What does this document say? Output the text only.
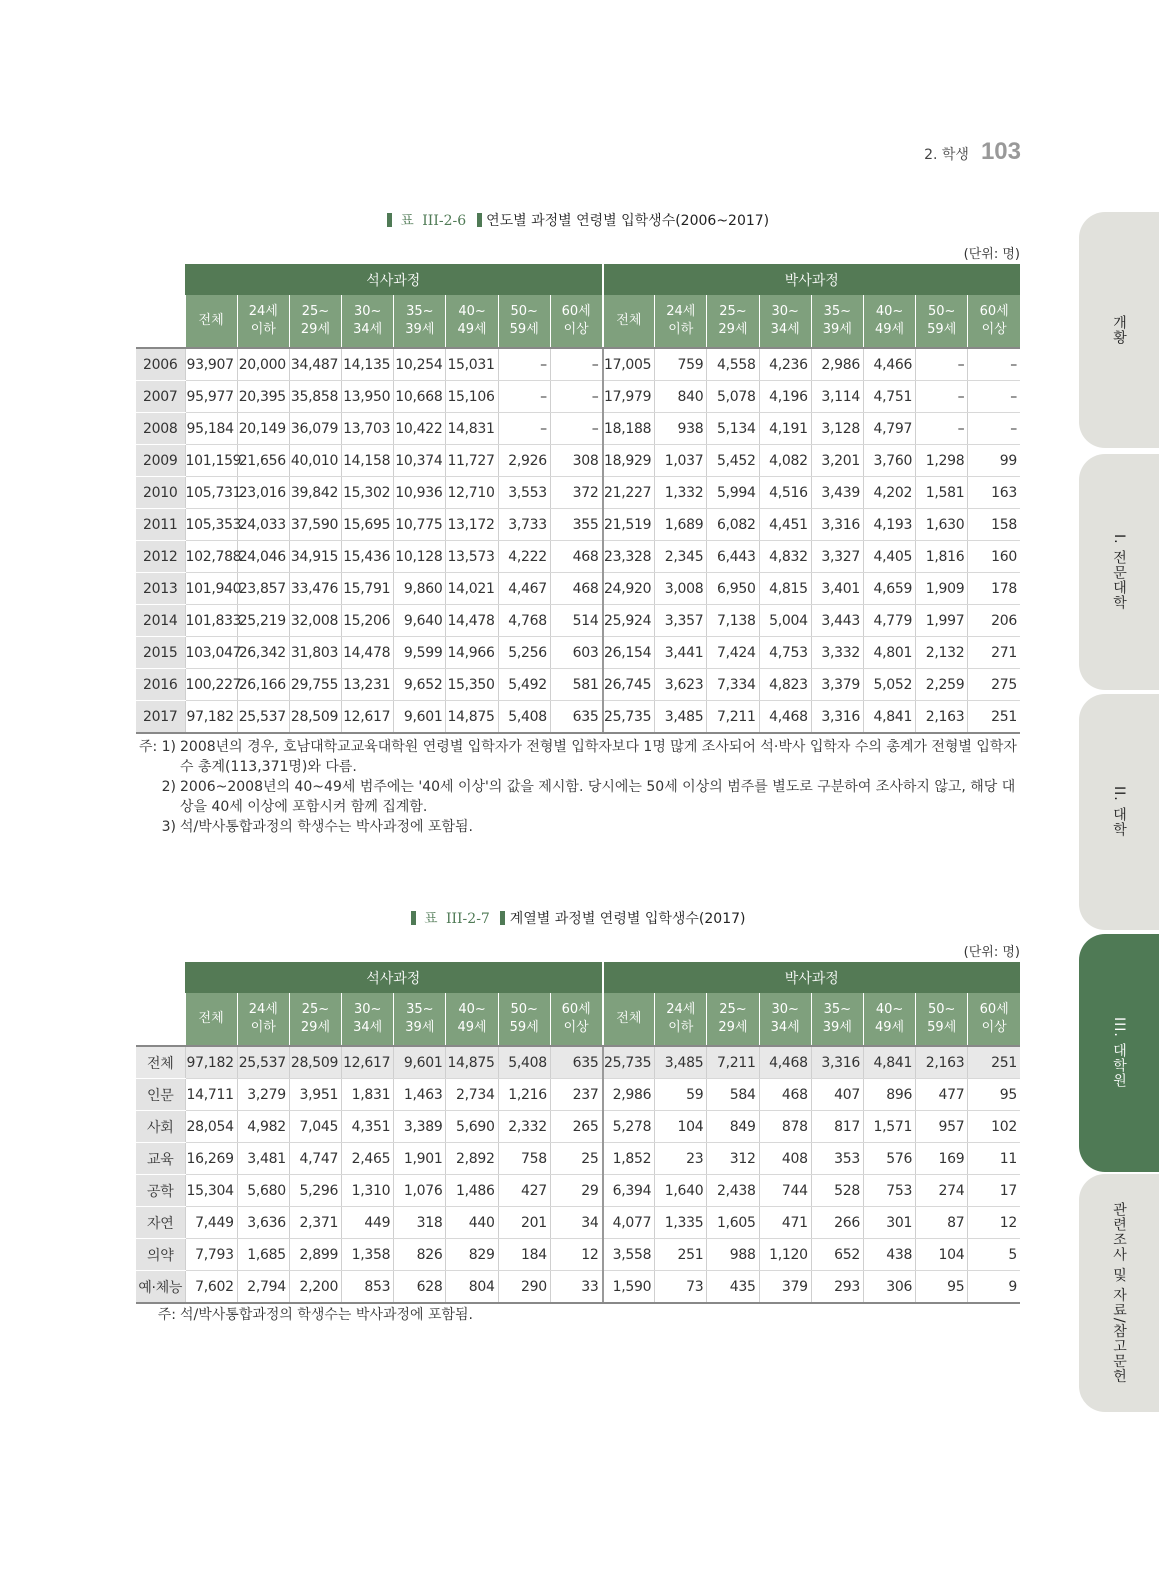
2. 학생 103
표 III-2-6 연도별 과정별 연령별 입학생수(2006~2017)
(단위: 명)
	석사과정								박사과정							
	전체	24세
이하	25~
29세	30~
34세	35~
39세	40~
49세	50~
59세	60세
이상	전체	24세
이하	25~
29세	30~
34세	35~
39세	40~
49세	50~
59세	60세
이상
2006	93,907	20,000	34,487	14,135	10,254	15,031	–	–	17,005	759	4,558	4,236	2,986	4,466	–	–
2007	95,977	20,395	35,858	13,950	10,668	15,106	–	–	17,979	840	5,078	4,196	3,114	4,751	–	–
2008	95,184	20,149	36,079	13,703	10,422	14,831	–	–	18,188	938	5,134	4,191	3,128	4,797	–	–
2009	101,159	21,656	40,010	14,158	10,374	11,727	2,926	308	18,929	1,037	5,452	4,082	3,201	3,760	1,298	99
2010	105,731	23,016	39,842	15,302	10,936	12,710	3,553	372	21,227	1,332	5,994	4,516	3,439	4,202	1,581	163
2011	105,353	24,033	37,590	15,695	10,775	13,172	3,733	355	21,519	1,689	6,082	4,451	3,316	4,193	1,630	158
2012	102,788	24,046	34,915	15,436	10,128	13,573	4,222	468	23,328	2,345	6,443	4,832	3,327	4,405	1,816	160
2013	101,940	23,857	33,476	15,791	9,860	14,021	4,467	468	24,920	3,008	6,950	4,815	3,401	4,659	1,909	178
2014	101,833	25,219	32,008	15,206	9,640	14,478	4,768	514	25,924	3,357	7,138	5,004	3,443	4,779	1,997	206
2015	103,047	26,342	31,803	14,478	9,599	14,966	5,256	603	26,154	3,441	7,424	4,753	3,332	4,801	2,132	271
2016	100,227	26,166	29,755	13,231	9,652	15,350	5,492	581	26,745	3,623	7,334	4,823	3,379	5,052	2,259	275
2017	97,182	25,537	28,509	12,617	9,601	14,875	5,408	635	25,735	3,485	7,211	4,468	3,316	4,841	2,163	251
주: 1) 2008년의 경우, 호남대학교교육대학원 연령별 입학자가 전형별 입학자보다 1명 많게 조사되어 석·박사 입학자 수의 총계가 전형별 입학자 수 총계(113,371명)와 다름.
2) 2006~2008년의 40~49세 범주에는 '40세 이상'의 값을 제시함. 당시에는 50세 이상의 범주를 별도로 구분하여 조사하지 않고, 해당 대상을 40세 이상에 포함시켜 함께 집계함.
3) 석/박사통합과정의 학생수는 박사과정에 포함됨.
표 III-2-7 계열별 과정별 연령별 입학생수(2017)
(단위: 명)
	석사과정								박사과정							
	전체	24세
이하	25~
29세	30~
34세	35~
39세	40~
49세	50~
59세	60세
이상	전체	24세
이하	25~
29세	30~
34세	35~
39세	40~
49세	50~
59세	60세
이상
전체	97,182	25,537	28,509	12,617	9,601	14,875	5,408	635	25,735	3,485	7,211	4,468	3,316	4,841	2,163	251
인문	14,711	3,279	3,951	1,831	1,463	2,734	1,216	237	2,986	59	584	468	407	896	477	95
사회	28,054	4,982	7,045	4,351	3,389	5,690	2,332	265	5,278	104	849	878	817	1,571	957	102
교육	16,269	3,481	4,747	2,465	1,901	2,892	758	25	1,852	23	312	408	353	576	169	11
공학	15,304	5,680	5,296	1,310	1,076	1,486	427	29	6,394	1,640	2,438	744	528	753	274	17
자연	7,449	3,636	2,371	449	318	440	201	34	4,077	1,335	1,605	471	266	301	87	12
의약	7,793	1,685	2,899	1,358	826	829	184	12	3,558	251	988	1,120	652	438	104	5
예·체능	7,602	2,794	2,200	853	628	804	290	33	1,590	73	435	379	293	306	95	9
주: 석/박사통합과정의 학생수는 박사과정에 포함됨.
개황
I. 전문대학
II. 대학
III. 대학원
관련조사 및 자료/참고문헌
